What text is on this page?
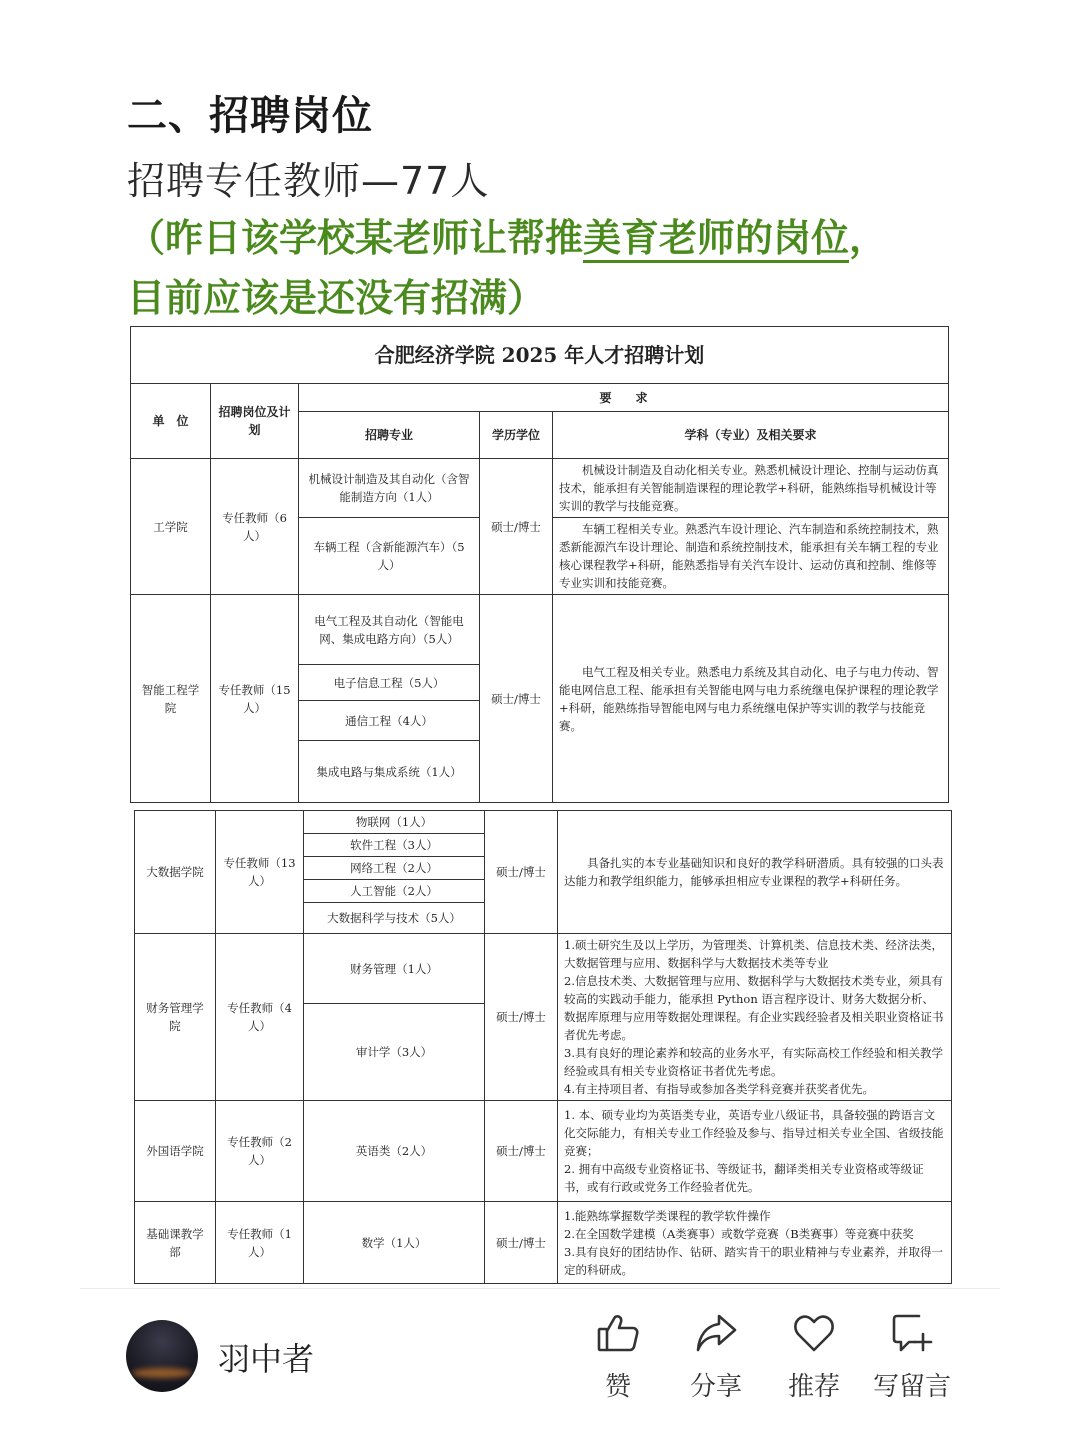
二、招聘岗位
招聘专任教师—77人
（昨日该学校某老师让帮推美育老师的岗位，
目前应该是还没有招满）
合肥经济学院 2025 年人才招聘计划				
单　位	招聘岗位及计划	要　　求		
		招聘专业	学历学位	学科（专业）及相关要求
工学院	专任教师（6人）	机械设计制造及其自动化（含智能制造方向（1人）	硕士/博士	　　机械设计制造及自动化相关专业。熟悉机械设计理论、控制与运动仿真技术，能承担有关智能制造课程的理论教学+科研，能熟练指导机械设计等实训的教学与技能竞赛。
		车辆工程（含新能源汽车）（5人）		　　车辆工程相关专业。熟悉汽车设计理论、汽车制造和系统控制技术，熟悉新能源汽车设计理论、制造和系统控制技术，能承担有关车辆工程的专业核心课程教学+科研，能熟悉指导有关汽车设计、运动仿真和控制、维修等专业实训和技能竞赛。
智能工程学院	专任教师（15人）	电气工程及其自动化（智能电网、集成电路方向）（5人）	硕士/博士	　　电气工程及相关专业。熟悉电力系统及其自动化、电子与电力传动、智能电网信息工程、能承担有关智能电网与电力系统继电保护课程的理论教学+科研，能熟练指导智能电网与电力系统继电保护等实训的教学与技能竞赛。
		电子信息工程（5人）		
		通信工程（4人）		
		集成电路与集成系统（1人）		
大数据学院	专任教师（13人）	物联网（1人）	硕士/博士	　　具备扎实的本专业基础知识和良好的教学科研潜质。具有较强的口头表达能力和教学组织能力，能够承担相应专业课程的教学+科研任务。
		软件工程（3人）		
		网络工程（2人）		
		人工智能（2人）		
		大数据科学与技术（5人）		
财务管理学院	专任教师（4人）	财务管理（1人）	硕士/博士	1.硕士研究生及以上学历，为管理类、计算机类、信息技术类、经济法类，大数据管理与应用、数据科学与大数据技术类等专业
2.信息技术类、大数据管理与应用、数据科学与大数据技术类专业，须具有较高的实践动手能力，能承担 Python 语言程序设计、财务大数据分析、数据库原理与应用等数据处理课程。有企业实践经验者及相关职业资格证书者优先考虑。
3.具有良好的理论素养和较高的业务水平，有实际高校工作经验和相关教学经验或具有相关专业资格证书者优先考虑。
4.有主持项目者、有指导或参加各类学科竞赛并获奖者优先。

		审计学（3人）		
外国语学院	专任教师（2人）	英语类（2人）	硕士/博士	1. 本、硕专业均为英语类专业，英语专业八级证书，具备较强的跨语言文化交际能力，有相关专业工作经验及参与、指导过相关专业全国、省级技能竞赛；
2. 拥有中高级专业资格证书、等级证书，翻译类相关专业资格或等级证书，或有行政或党务工作经验者优先。

基础课教学部	专任教师（1人）	数学（1人）	硕士/博士	1.能熟练掌握数学类课程的教学软件操作
2.在全国数学建模（A类赛事）或数学竞赛（B类赛事）等竞赛中获奖
3.具有良好的团结协作、钻研、踏实肯干的职业精神与专业素养，并取得一定的科研成。
羽中者
赞	分享	推荐	写留言
